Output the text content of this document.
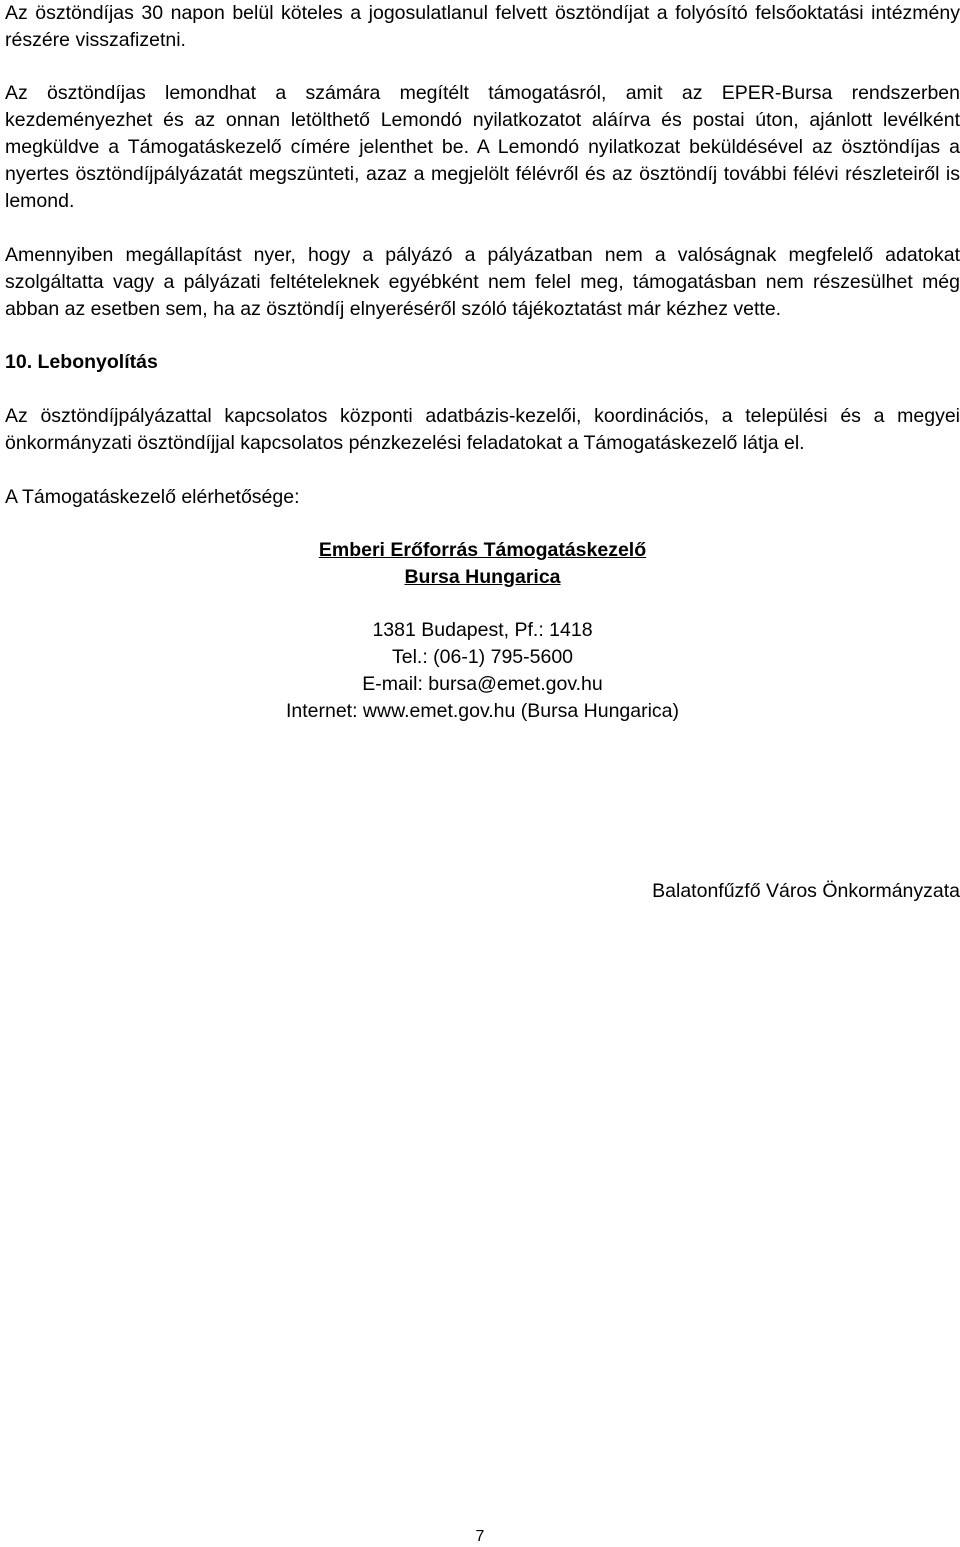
Az ösztöndíjas 30 napon belül köteles a jogosulatlanul felvett ösztöndíjat a folyósító felsőoktatási intézmény részére visszafizetni.

Az ösztöndíjas lemondhat a számára megítélt támogatásról, amit az EPER-Bursa rendszerben kezdeményezhet és az onnan letölthető Lemondó nyilatkozatot aláírva és postai úton, ajánlott levélként megküldve a Támogatáskezelő címére jelenthet be. A Lemondó nyilatkozat beküldésével az ösztöndíjas a nyertes ösztöndíjpályázatát megszünteti, azaz a megjelölt félévről és az ösztöndíj további félévi részleteiről is lemond.

Amennyiben megállapítást nyer, hogy a pályázó a pályázatban nem a valóságnak megfelelő adatokat szolgáltatta vagy a pályázati feltételeknek egyébként nem felel meg, támogatásban nem részesülhet még abban az esetben sem, ha az ösztöndíj elnyeréséről szóló tájékoztatást már kézhez vette.

10. Lebonyolítás

Az ösztöndíjpályázattal kapcsolatos központi adatbázis-kezelői, koordinációs, a települési és a megyei önkormányzati ösztöndíjjal kapcsolatos pénzkezelési feladatokat a Támogatáskezelő látja el.

A Támogatáskezelő elérhetősége:

Emberi Erőforrás Támogatáskezelő
Bursa Hungarica
1381 Budapest, Pf.: 1418
Tel.: (06-1) 795-5600
E-mail: bursa@emet.gov.hu
Internet: www.emet.gov.hu (Bursa Hungarica)
Balatonfűzfő Város Önkormányzata
7
